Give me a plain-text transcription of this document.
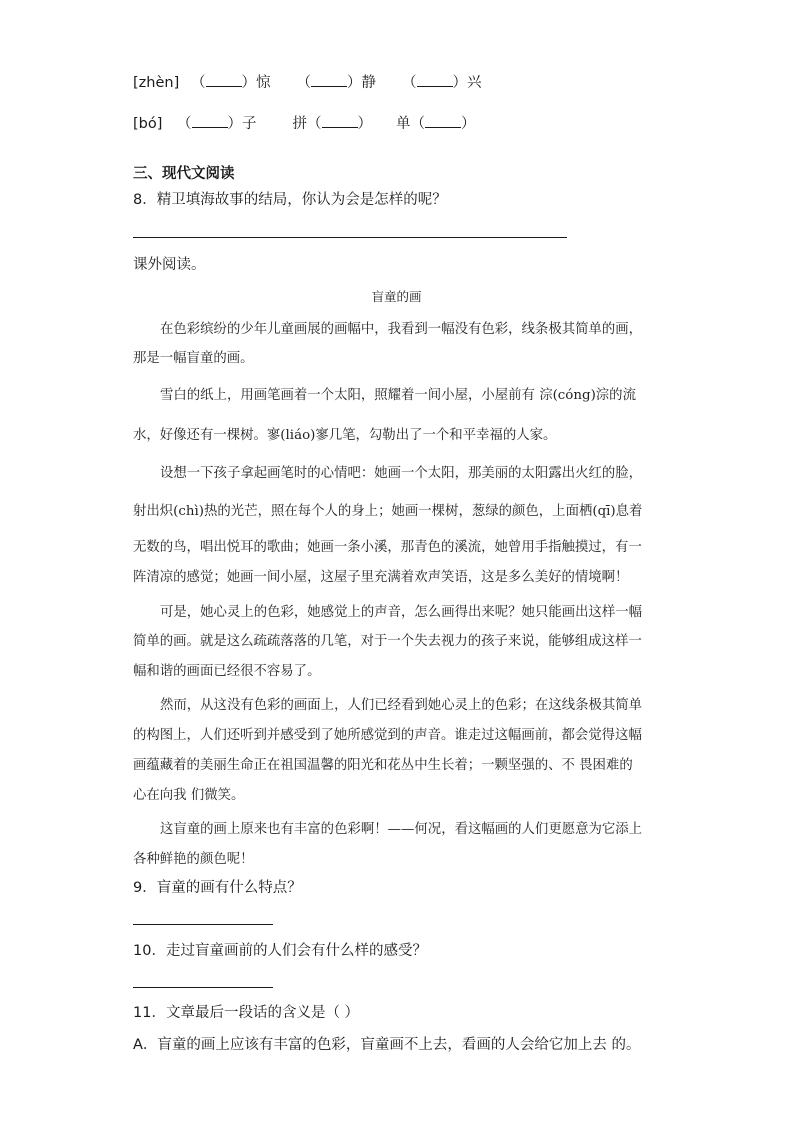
[zhèn] （ ）惊 （ ）静 （ ）兴
[bó] （ ）子 拼（ ） 单（ ）
三、现代文阅读
8．精卫填海故事的结局，你认为会是怎样的呢？
课外阅读。
盲童的画
在色彩缤纷的少年儿童画展的画幅中，我看到一幅没有色彩，线条极其简单的画，
那是一幅盲童的画。
雪白的纸上，用画笔画着一个太阳，照耀着一间小屋，小屋前有 淙(cóng)淙的流
水，好像还有一棵树。寥(liáo)寥几笔，勾勒出了一个和平幸福的人家。
设想一下孩子拿起画笔时的心情吧：她画一个太阳，那美丽的太阳露出火红的脸，
射出炽(chì)热的光芒，照在每个人的身上；她画一棵树，葱绿的颜色，上面栖(qī)息着
无数的鸟，唱出悦耳的歌曲；她画一条小溪，那青色的溪流，她曾用手指触摸过，有一
阵清凉的感觉；她画一间小屋，这屋子里充满着欢声笑语，这是多么美好的情境啊！
可是，她心灵上的色彩，她感觉上的声音，怎么画得出来呢？她只能画出这样一幅
简单的画。就是这么疏疏落落的几笔，对于一个失去视力的孩子来说，能够组成这样一
幅和谐的画面已经很不容易了。
然而，从这没有色彩的画面上，人们已经看到她心灵上的色彩；在这线条极其简单
的构图上，人们还听到并感受到了她所感觉到的声音。谁走过这幅画前，都会觉得这幅
画蕴藏着的美丽生命正在祖国温馨的阳光和花丛中生长着；一颗坚强的、不 畏困难的
心在向我 们微笑。
这盲童的画上原来也有丰富的色彩啊！——何况，看这幅画的人们更愿意为它添上
各种鲜艳的颜色呢！
9．盲童的画有什么特点？
10．走过盲童画前的人们会有什么样的感受？
11．文章最后一段话的含义是（ ）
A．盲童的画上应该有丰富的色彩，盲童画不上去，看画的人会给它加上去 的。
